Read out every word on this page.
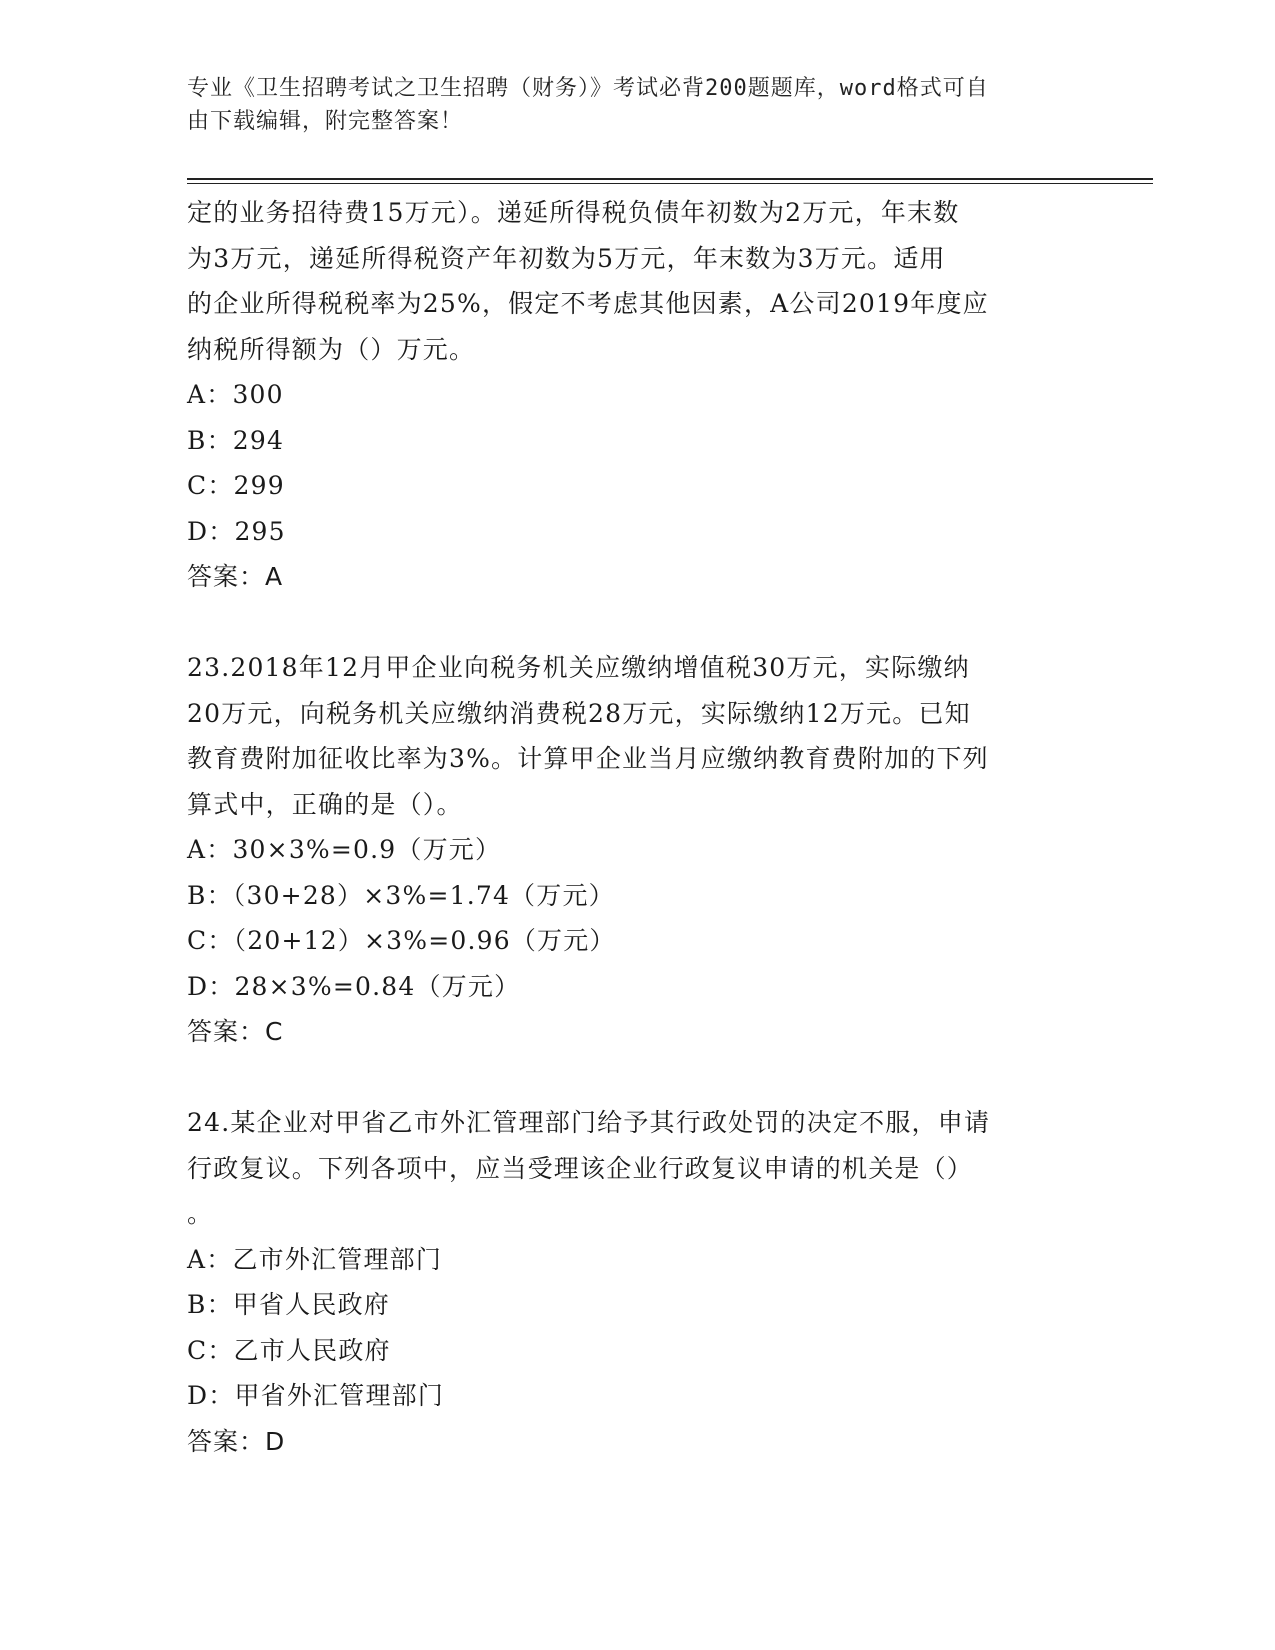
专业《卫生招聘考试之卫生招聘（财务）》考试必背200题题库，word格式可自
由下载编辑，附完整答案！
定的业务招待费15万元）。递延所得税负债年初数为2万元，年末数
为3万元，递延所得税资产年初数为5万元，年末数为3万元。适用
的企业所得税税率为25%，假定不考虑其他因素，A公司2019年度应
纳税所得额为（）万元。
A：300
B：294
C：299
D：295
答案：A
23.2018年12月甲企业向税务机关应缴纳增值税30万元，实际缴纳
20万元，向税务机关应缴纳消费税28万元，实际缴纳12万元。已知
教育费附加征收比率为3%。计算甲企业当月应缴纳教育费附加的下列
算式中，正确的是（）。
A：30×3%=0.9（万元）
B：（30+28）×3%=1.74（万元）
C：（20+12）×3%=0.96（万元）
D：28×3%=0.84（万元）
答案：C
24.某企业对甲省乙市外汇管理部门给予其行政处罚的决定不服，申请
行政复议。下列各项中，应当受理该企业行政复议申请的机关是（）
。
A：乙市外汇管理部门
B：甲省人民政府
C：乙市人民政府
D：甲省外汇管理部门
答案：D
